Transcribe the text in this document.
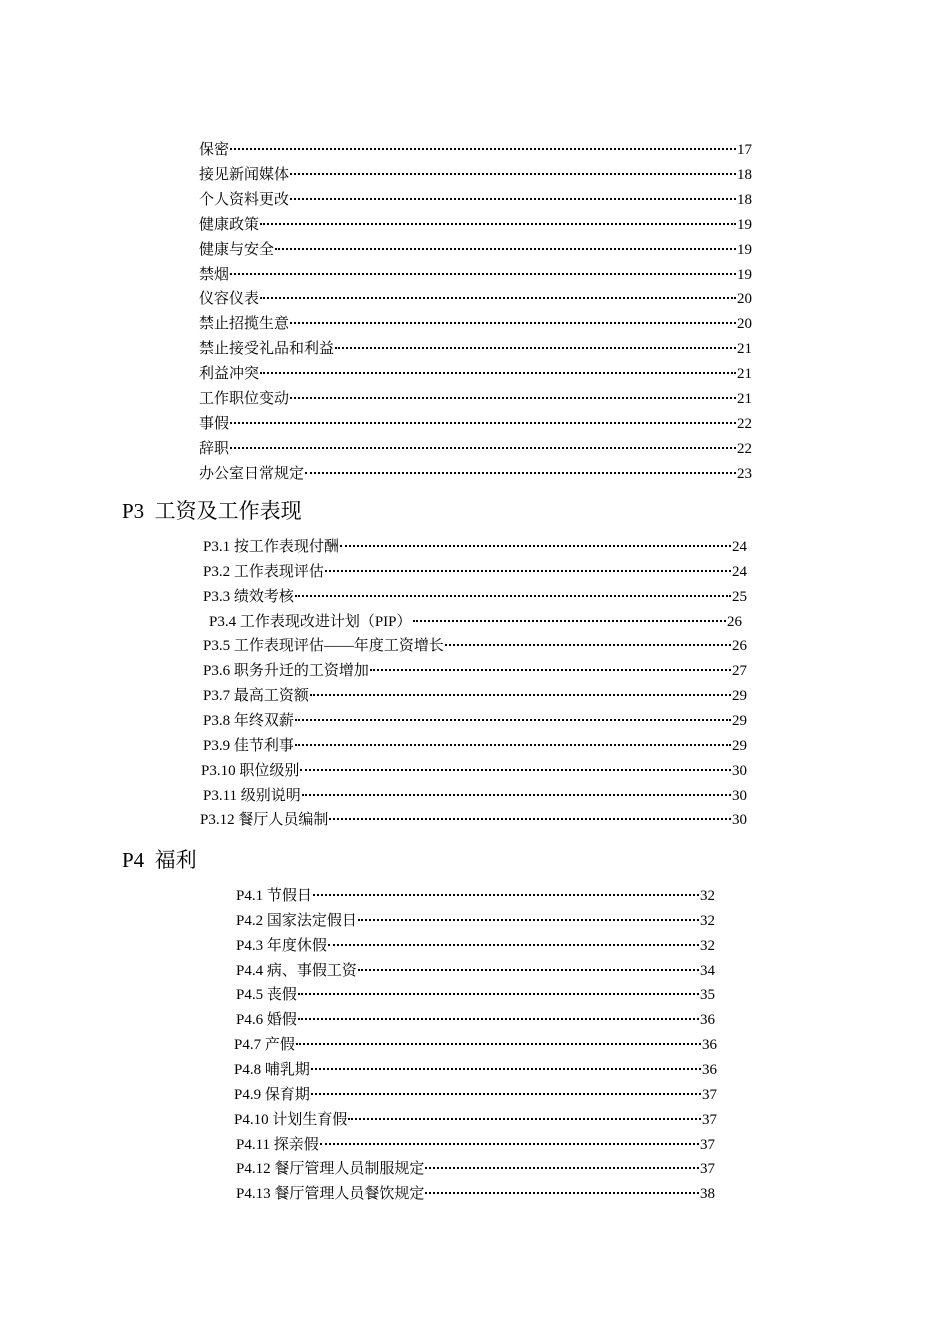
P3  工资及工作表现
P4  福利
保密	17
接见新闻媒体	18
个人资料更改	18
健康政策	19
健康与安全	19
禁烟	19
仪容仪表	20
禁止招揽生意	20
禁止接受礼品和利益	21
利益冲突	21
工作职位变动	21
事假	22
辞职	22
办公室日常规定	23
P3.1 按工作表现付酬	24
P3.2 工作表现评估	24
P3.3 绩效考核	25
P3.4 工作表现改进计划（PIP）	26
P3.5 工作表现评估——年度工资增长	26
P3.6 职务升迁的工资增加	27
P3.7 最高工资额	29
P3.8 年终双薪	29
P3.9 佳节利事	29
P3.10 职位级别	30
P3.11 级别说明	30
P3.12 餐厅人员编制	30
P4.1 节假日	32
P4.2 国家法定假日	32
P4.3 年度休假	32
P4.4 病、事假工资	34
P4.5 丧假	35
P4.6 婚假	36
P4.7 产假	36
P4.8 哺乳期	36
P4.9 保育期	37
P4.10 计划生育假	37
P4.11 探亲假	37
P4.12 餐厅管理人员制服规定	37
P4.13 餐厅管理人员餐饮规定	38
